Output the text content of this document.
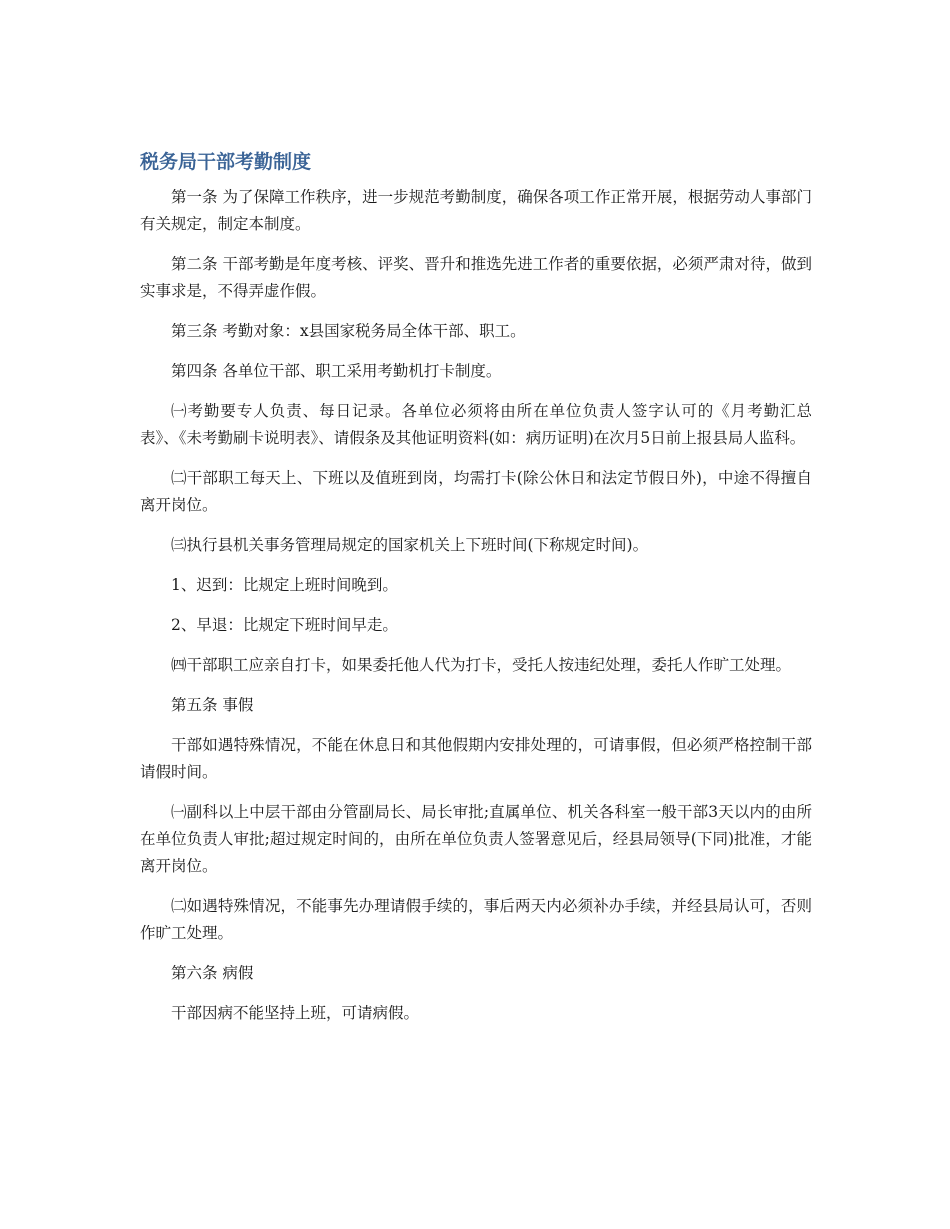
税务局干部考勤制度

第一条 为了保障工作秩序，进一步规范考勤制度，确保各项工作正常开展，根据劳动人事部门有关规定，制定本制度。

第二条 干部考勤是年度考核、评奖、晋升和推选先进工作者的重要依据，必须严肃对待，做到实事求是，不得弄虚作假。

第三条 考勤对象：x县国家税务局全体干部、职工。

第四条 各单位干部、职工采用考勤机打卡制度。

㈠考勤要专人负责、每日记录。各单位必须将由所在单位负责人签字认可的《月考勤汇总表》、《未考勤刷卡说明表》、请假条及其他证明资料(如：病历证明)在次月5日前上报县局人监科。

㈡干部职工每天上、下班以及值班到岗，均需打卡(除公休日和法定节假日外)，中途不得擅自离开岗位。

㈢执行县机关事务管理局规定的国家机关上下班时间(下称规定时间)。

1、迟到：比规定上班时间晚到。

2、早退：比规定下班时间早走。

㈣干部职工应亲自打卡，如果委托他人代为打卡，受托人按违纪处理，委托人作旷工处理。

第五条 事假

干部如遇特殊情况，不能在休息日和其他假期内安排处理的，可请事假，但必须严格控制干部请假时间。

㈠副科以上中层干部由分管副局长、局长审批;直属单位、机关各科室一般干部3天以内的由所在单位负责人审批;超过规定时间的，由所在单位负责人签署意见后，经县局领导(下同)批准，才能离开岗位。

㈡如遇特殊情况，不能事先办理请假手续的，事后两天内必须补办手续，并经县局认可，否则作旷工处理。

第六条 病假

干部因病不能坚持上班，可请病假。
